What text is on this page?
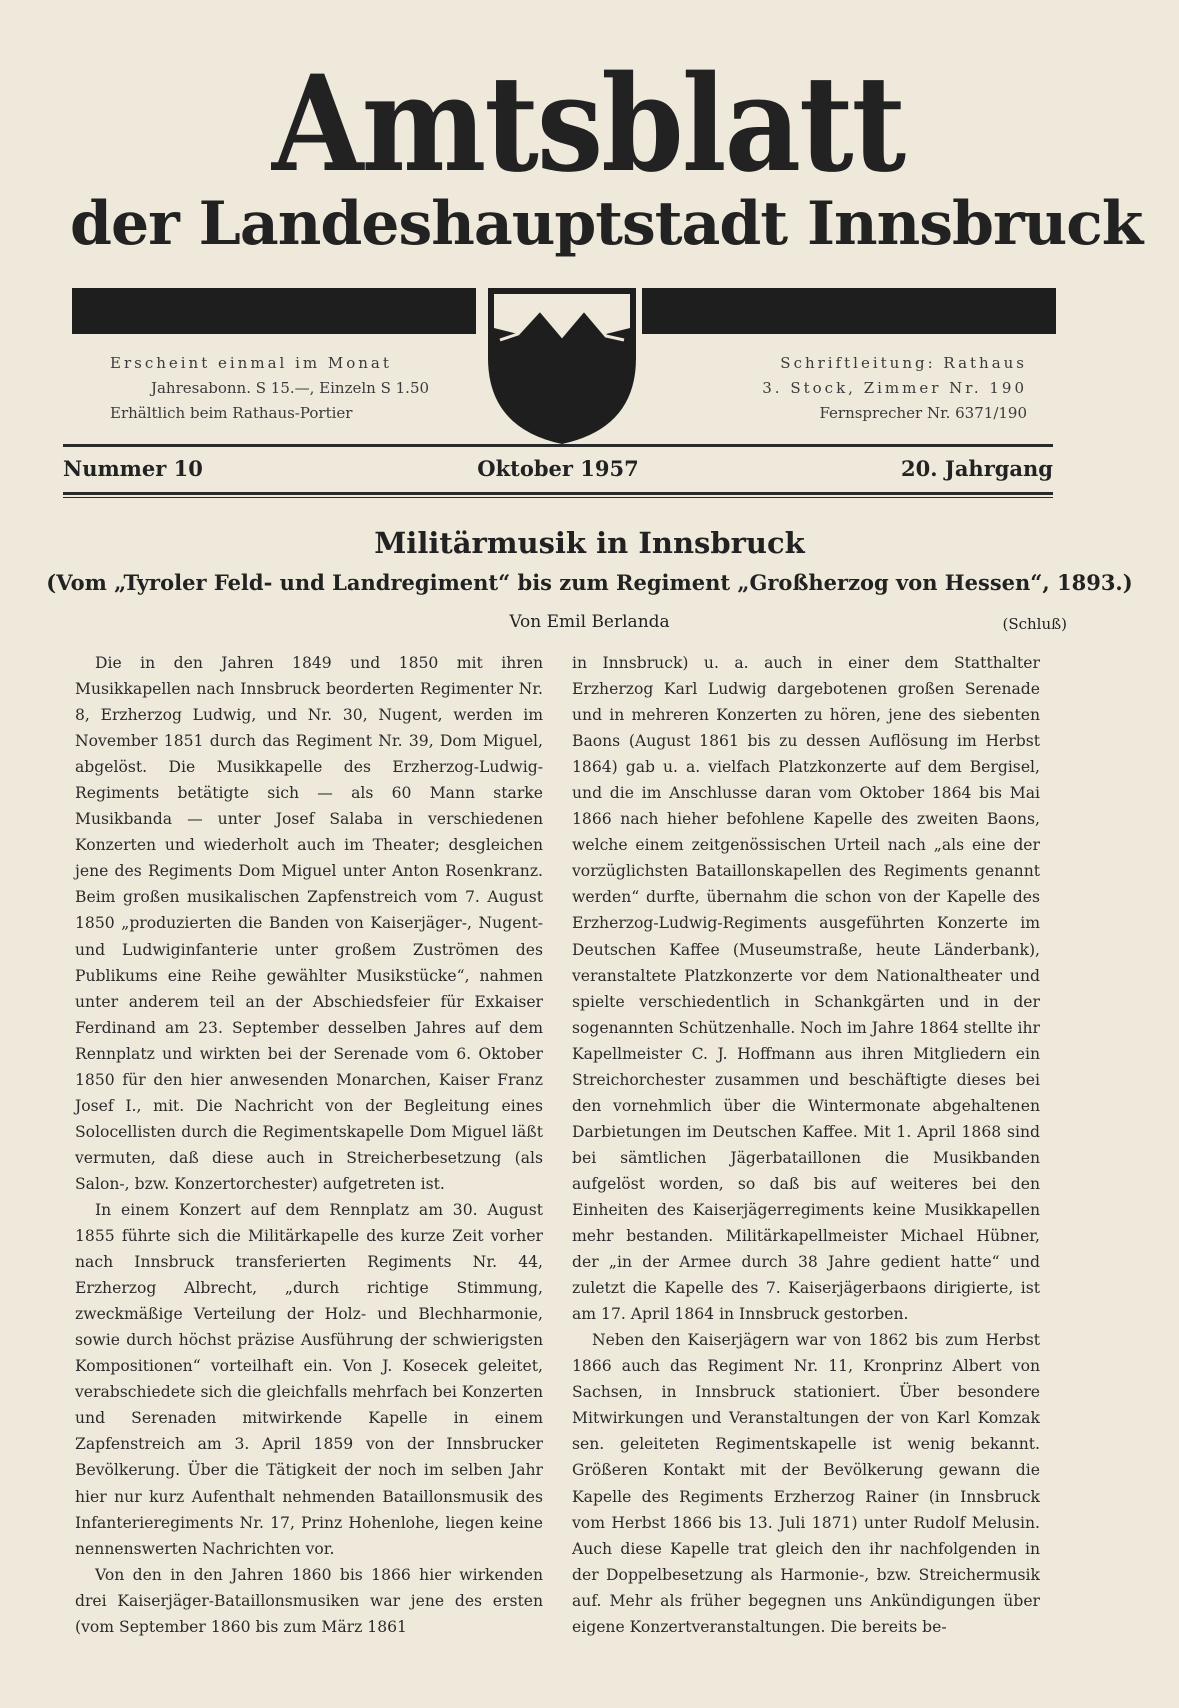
Amtsblatt
der Landeshauptstadt Innsbruck
Erscheint einmal im Monat
Jahresabonn. S 15.—, Einzeln S 1.50
Erhältlich beim Rathaus-Portier
Schriftleitung: Rathaus
3. Stock, Zimmer Nr. 190
Fernsprecher Nr. 6371/190
Nummer 10	Oktober 1957	20. Jahrgang
Militärmusik in Innsbruck
(Vom „Tyroler Feld- und Landregiment“ bis zum Regiment „Großherzog von Hessen“, 1893.)
Von Emil Berlanda	(Schluß)

Die in den Jahren 1849 und 1850 mit ihren Musikkapellen nach Innsbruck beorderten Regimenter Nr. 8, Erzherzog Ludwig, und Nr. 30, Nugent, werden im November 1851 durch das Regiment Nr. 39, Dom Miguel, abgelöst. Die Musikkapelle des Erzherzog-Ludwig-Regiments betätigte sich — als 60 Mann starke Musikbanda — unter Josef Salaba in verschiedenen Konzerten und wiederholt auch im Theater; desgleichen jene des Regiments Dom Miguel unter Anton Rosenkranz. Beim großen musikalischen Zapfenstreich vom 7. August 1850 „produzierten die Banden von Kaiserjäger-, Nugent- und Ludwiginfanterie unter großem Zuströmen des Publikums eine Reihe gewählter Musikstücke“, nahmen unter anderem teil an der Abschiedsfeier für Exkaiser Ferdinand am 23. September desselben Jahres auf dem Rennplatz und wirkten bei der Serenade vom 6. Oktober 1850 für den hier anwesenden Monarchen, Kaiser Franz Josef I., mit. Die Nachricht von der Begleitung eines Solocellisten durch die Regimentskapelle Dom Miguel läßt vermuten, daß diese auch in Streicherbesetzung (als Salon-, bzw. Konzertorchester) aufgetreten ist.

In einem Konzert auf dem Rennplatz am 30. August 1855 führte sich die Militärkapelle des kurze Zeit vorher nach Innsbruck transferierten Regiments Nr. 44, Erzherzog Albrecht, „durch richtige Stimmung, zweckmäßige Verteilung der Holz- und Blechharmonie, sowie durch höchst präzise Ausführung der schwierigsten Kompositionen“ vorteilhaft ein. Von J. Kosecek geleitet, verabschiedete sich die gleichfalls mehrfach bei Konzerten und Serenaden mitwirkende Kapelle in einem Zapfenstreich am 3. April 1859 von der Innsbrucker Bevölkerung. Über die Tätigkeit der noch im selben Jahr hier nur kurz Aufenthalt nehmenden Bataillonsmusik des Infanterieregiments Nr. 17, Prinz Hohenlohe, liegen keine nennenswerten Nachrichten vor.

Von den in den Jahren 1860 bis 1866 hier wirkenden drei Kaiserjäger-Bataillonsmusiken war jene des ersten (vom September 1860 bis zum März 1861

in Innsbruck) u. a. auch in einer dem Statthalter Erzherzog Karl Ludwig dargebotenen großen Serenade und in mehreren Konzerten zu hören, jene des siebenten Baons (August 1861 bis zu dessen Auflösung im Herbst 1864) gab u. a. vielfach Platzkonzerte auf dem Bergisel, und die im Anschlusse daran vom Oktober 1864 bis Mai 1866 nach hieher befohlene Kapelle des zweiten Baons, welche einem zeitgenössischen Urteil nach „als eine der vorzüglichsten Bataillonskapellen des Regiments genannt werden“ durfte, übernahm die schon von der Kapelle des Erzherzog-Ludwig-Regiments ausgeführten Konzerte im Deutschen Kaffee (Museumstraße, heute Länderbank), veranstaltete Platzkonzerte vor dem Nationaltheater und spielte verschiedentlich in Schankgärten und in der sogenannten Schützenhalle. Noch im Jahre 1864 stellte ihr Kapellmeister C. J. Hoffmann aus ihren Mitgliedern ein Streichorchester zusammen und beschäftigte dieses bei den vornehmlich über die Wintermonate abgehaltenen Darbietungen im Deutschen Kaffee. Mit 1. April 1868 sind bei sämtlichen Jägerbataillonen die Musikbanden aufgelöst worden, so daß bis auf weiteres bei den Einheiten des Kaiserjägerregiments keine Musikkapellen mehr bestanden. Militärkapellmeister Michael Hübner, der „in der Armee durch 38 Jahre gedient hatte“ und zuletzt die Kapelle des 7. Kaiserjägerbaons dirigierte, ist am 17. April 1864 in Innsbruck gestorben.

Neben den Kaiserjägern war von 1862 bis zum Herbst 1866 auch das Regiment Nr. 11, Kronprinz Albert von Sachsen, in Innsbruck stationiert. Über besondere Mitwirkungen und Veranstaltungen der von Karl Komzak sen. geleiteten Regimentskapelle ist wenig bekannt. Größeren Kontakt mit der Bevölkerung gewann die Kapelle des Regiments Erzherzog Rainer (in Innsbruck vom Herbst 1866 bis 13. Juli 1871) unter Rudolf Melusin. Auch diese Kapelle trat gleich den ihr nachfolgenden in der Doppelbesetzung als Harmonie-, bzw. Streichermusik auf. Mehr als früher begegnen uns Ankündigungen über eigene Konzertveranstaltungen. Die bereits be-
